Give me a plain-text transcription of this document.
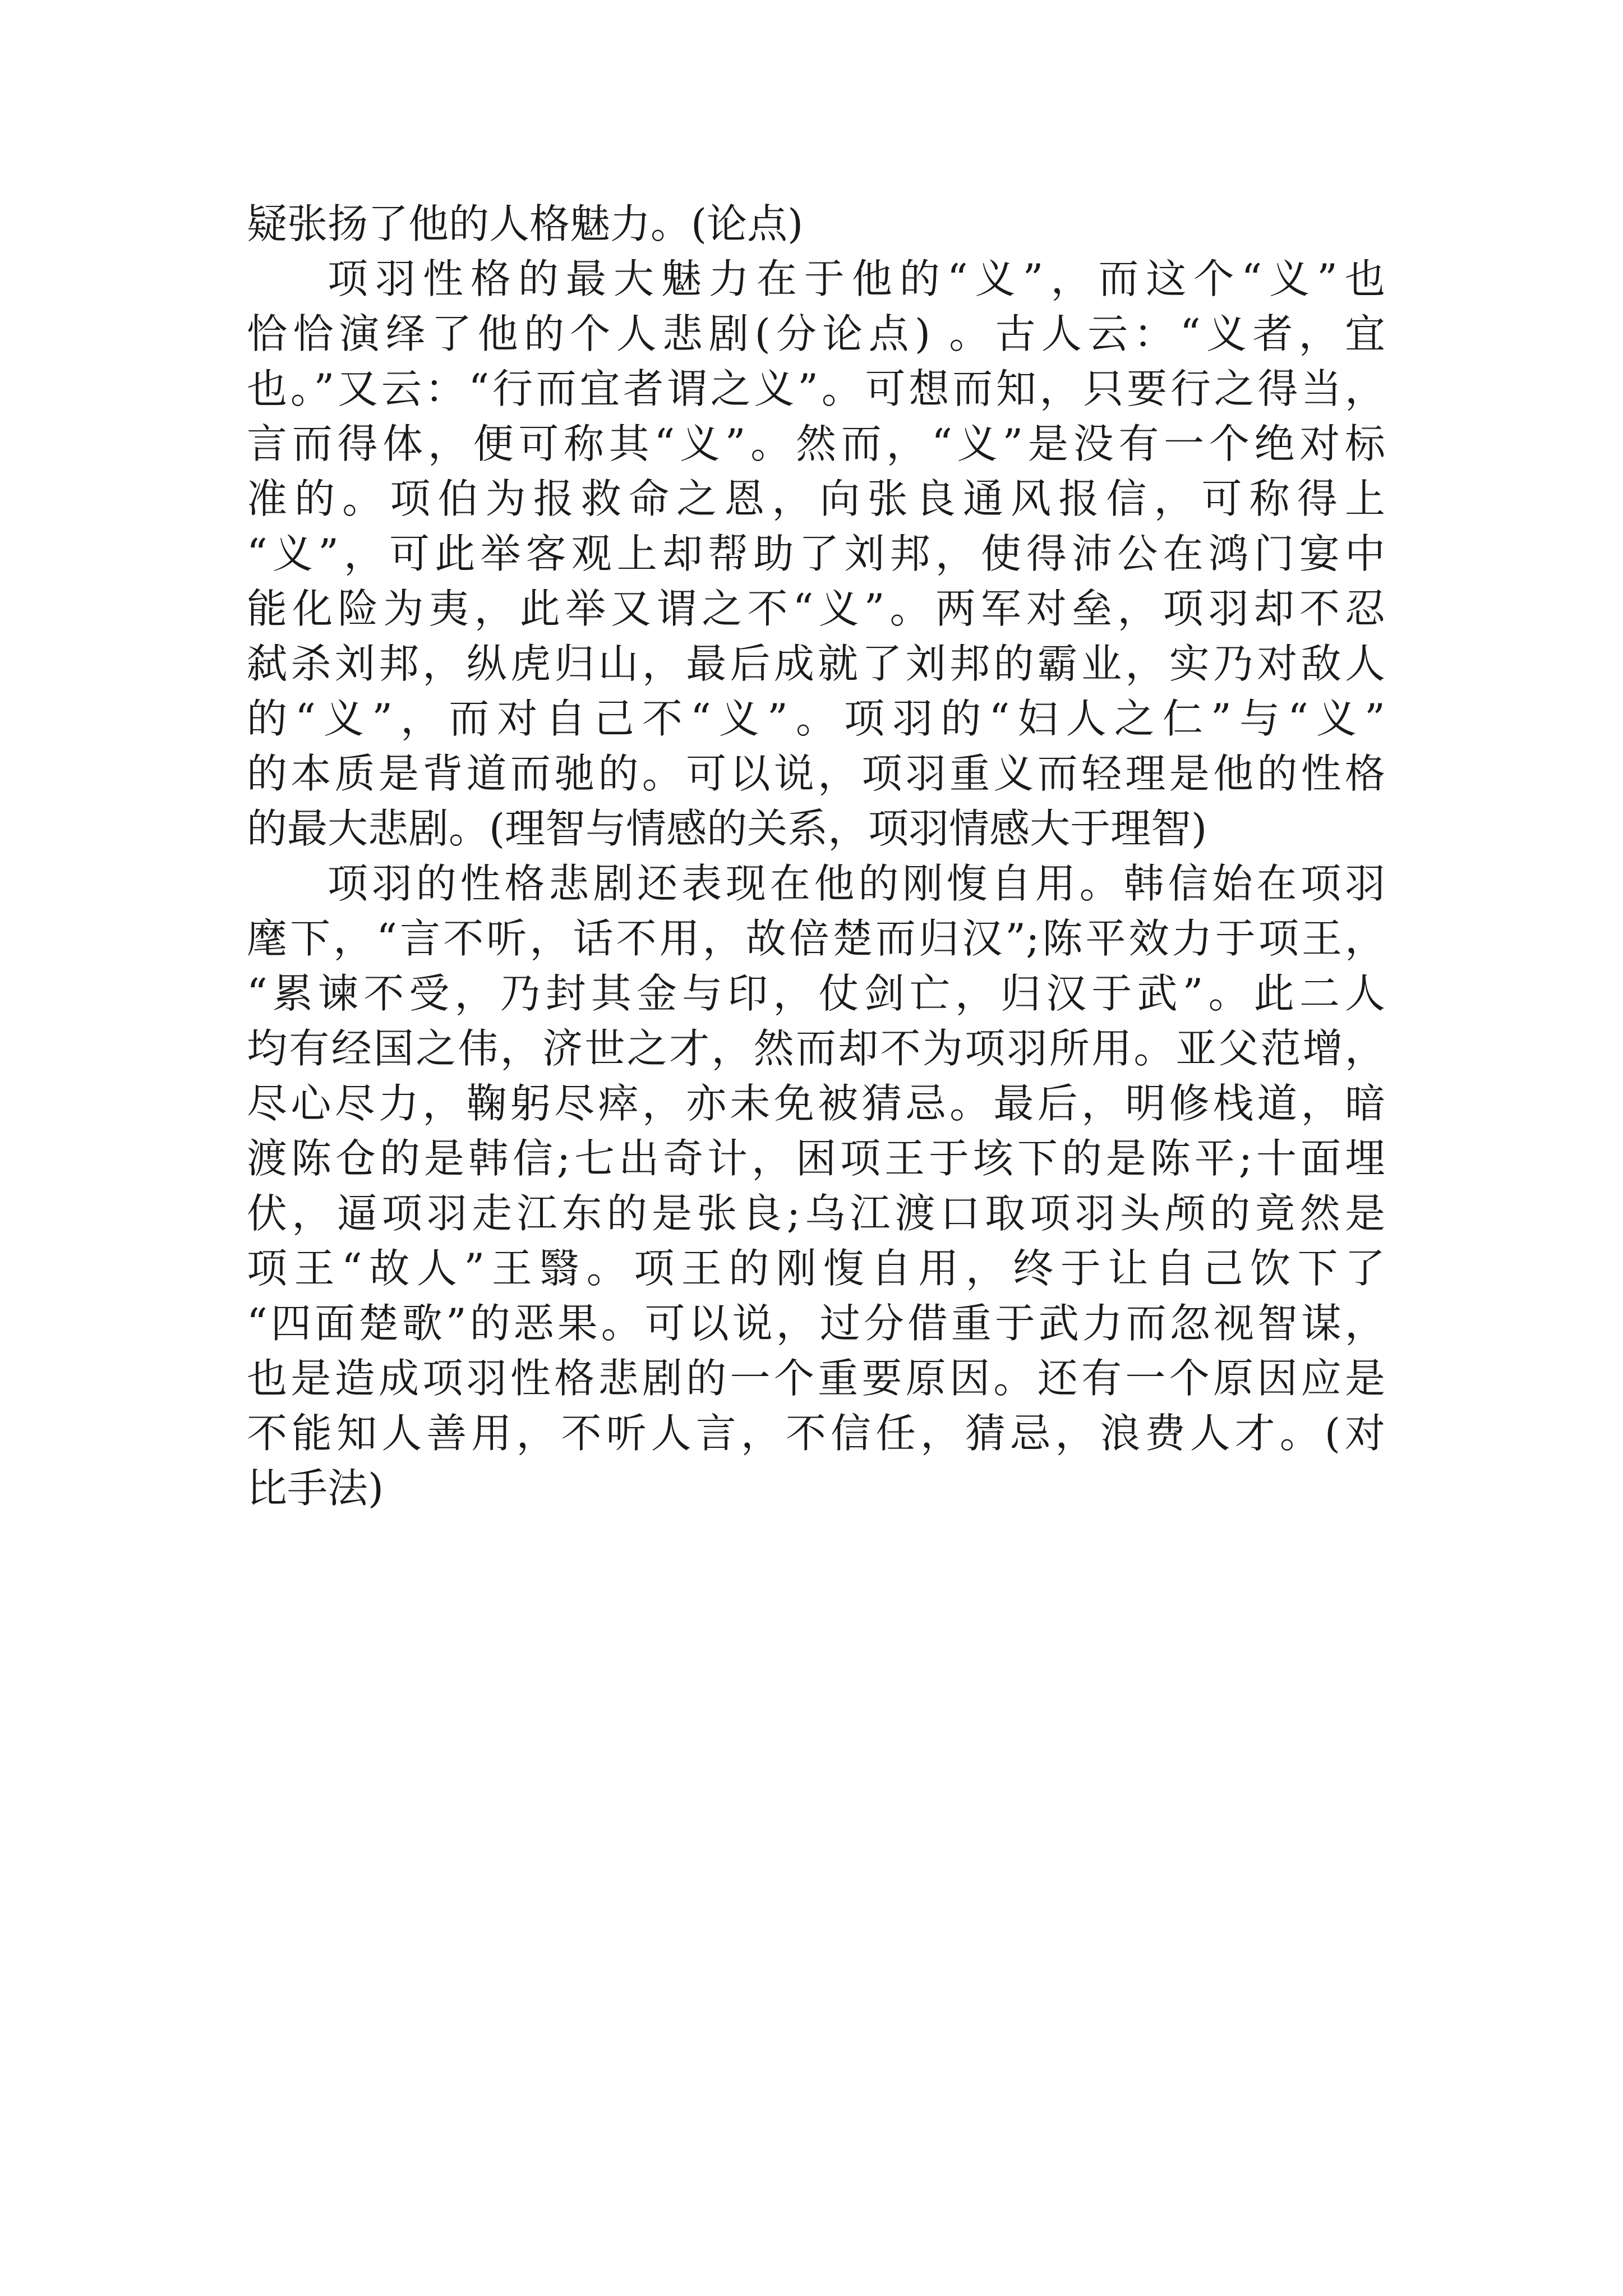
疑张扬了他的人格魅力。(论点)
项羽性格的最大魅力在于他的“义”，而这个“义”也
恰恰演绎了他的个人悲剧(分论点) 。古人云：“义者，宜
也。”又云：“行而宜者谓之义”。可想而知，只要行之得当，
言而得体，便可称其“义”。然而，“义”是没有一个绝对标
准的。项伯为报救命之恩，向张良通风报信，可称得上
“义”，可此举客观上却帮助了刘邦，使得沛公在鸿门宴中
能化险为夷，此举又谓之不“义”。两军对垒，项羽却不忍
弑杀刘邦，纵虎归山，最后成就了刘邦的霸业，实乃对敌人
的“义”，而对自己不“义”。项羽的“妇人之仁”与“义”
的本质是背道而驰的。可以说，项羽重义而轻理是他的性格
的最大悲剧。(理智与情感的关系，项羽情感大于理智)
项羽的性格悲剧还表现在他的刚愎自用。韩信始在项羽
麾下，“言不听，话不用，故倍楚而归汉”;陈平效力于项王，
“累谏不受，乃封其金与印，仗剑亡，归汉于武”。此二人
均有经国之伟，济世之才，然而却不为项羽所用。亚父范增，
尽心尽力，鞠躬尽瘁，亦未免被猜忌。最后，明修栈道，暗
渡陈仓的是韩信;七出奇计，困项王于垓下的是陈平;十面埋
伏，逼项羽走江东的是张良;乌江渡口取项羽头颅的竟然是
项王“故人”王翳。项王的刚愎自用，终于让自己饮下了
“四面楚歌”的恶果。可以说，过分借重于武力而忽视智谋，
也是造成项羽性格悲剧的一个重要原因。还有一个原因应是
不能知人善用，不听人言，不信任，猜忌，浪费人才。(对
比手法)
